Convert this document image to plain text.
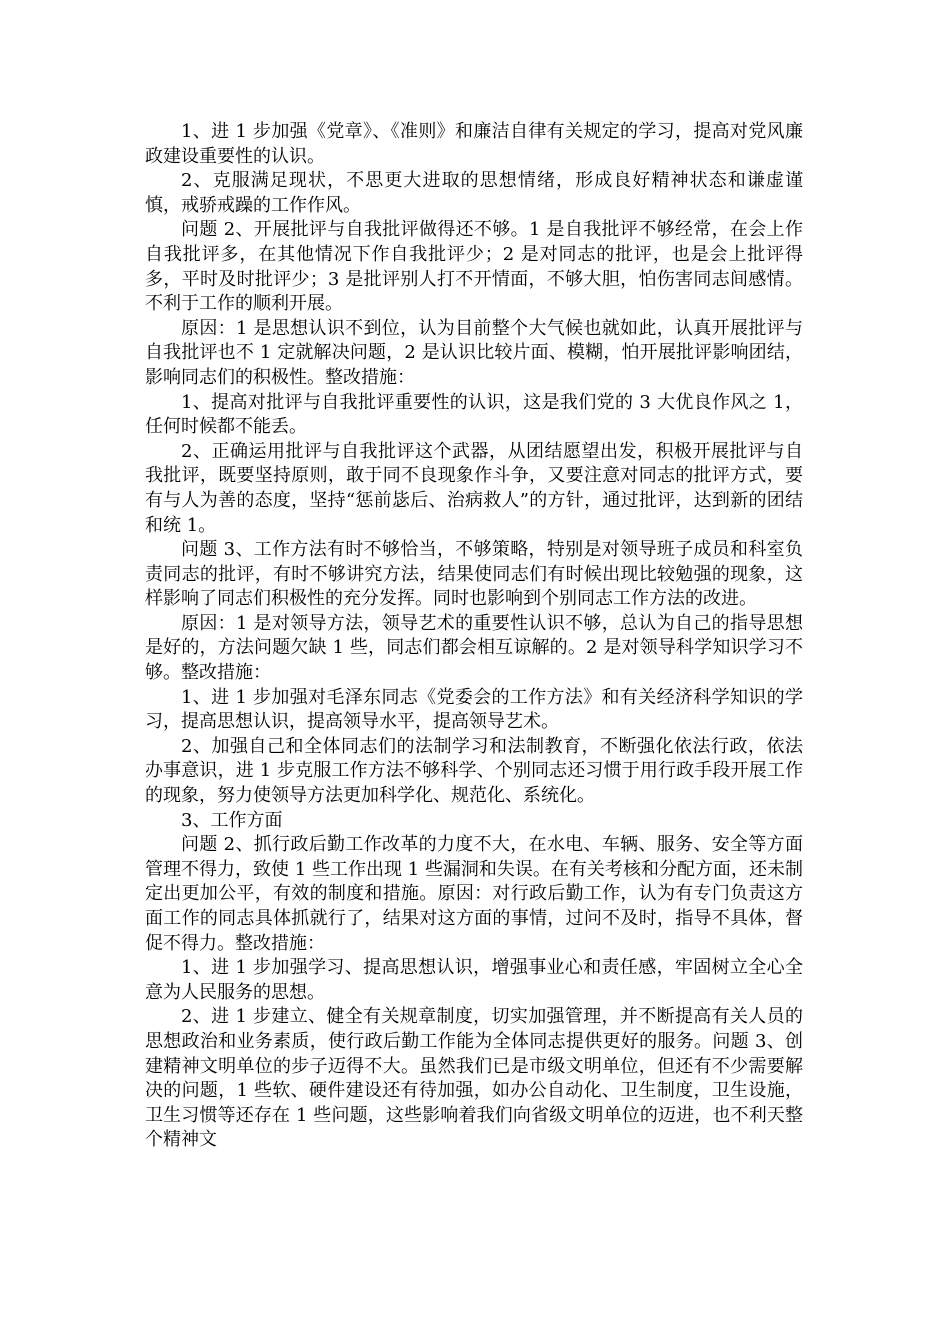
1、进 1 步加强《党章》、《准则》和廉洁自律有关规定的学习，提高对党风廉政建设重要性的认识。

2、克服满足现状，不思更大进取的思想情绪，形成良好精神状态和谦虚谨慎，戒骄戒躁的工作作风。

问题 2、开展批评与自我批评做得还不够。1 是自我批评不够经常，在会上作自我批评多，在其他情况下作自我批评少；2 是对同志的批评，也是会上批评得多，平时及时批评少；3 是批评别人打不开情面，不够大胆，怕伤害同志间感情。不利于工作的顺利开展。

原因：1 是思想认识不到位，认为目前整个大气候也就如此，认真开展批评与自我批评也不 1 定就解决问题，2 是认识比较片面、模糊，怕开展批评影响团结，影响同志们的积极性。整改措施：

1、提高对批评与自我批评重要性的认识，这是我们党的 3 大优良作风之 1，任何时候都不能丢。

2、正确运用批评与自我批评这个武器，从团结愿望出发，积极开展批评与自我批评，既要坚持原则，敢于同不良现象作斗争，又要注意对同志的批评方式，要有与人为善的态度，坚持“惩前毖后、治病救人”的方针，通过批评，达到新的团结和统 1。

问题 3、工作方法有时不够恰当，不够策略，特别是对领导班子成员和科室负责同志的批评，有时不够讲究方法，结果使同志们有时候出现比较勉强的现象，这样影响了同志们积极性的充分发挥。同时也影响到个别同志工作方法的改进。

原因：1 是对领导方法，领导艺术的重要性认识不够，总认为自己的指导思想是好的，方法问题欠缺 1 些，同志们都会相互谅解的。2 是对领导科学知识学习不够。整改措施：

1、进 1 步加强对毛泽东同志《党委会的工作方法》和有关经济科学知识的学习，提高思想认识，提高领导水平，提高领导艺术。

2、加强自己和全体同志们的法制学习和法制教育，不断强化依法行政，依法办事意识，进 1 步克服工作方法不够科学、个别同志还习惯于用行政手段开展工作的现象，努力使领导方法更加科学化、规范化、系统化。

3、工作方面

问题 2、抓行政后勤工作改革的力度不大，在水电、车辆、服务、安全等方面管理不得力，致使 1 些工作出现 1 些漏洞和失误。在有关考核和分配方面，还未制定出更加公平，有效的制度和措施。原因：对行政后勤工作，认为有专门负责这方面工作的同志具体抓就行了，结果对这方面的事情，过问不及时，指导不具体，督促不得力。整改措施：

1、进 1 步加强学习、提高思想认识，增强事业心和责任感，牢固树立全心全意为人民服务的思想。

2、进 1 步建立、健全有关规章制度，切实加强管理，并不断提高有关人员的思想政治和业务素质，使行政后勤工作能为全体同志提供更好的服务。问题 3、创建精神文明单位的步子迈得不大。虽然我们已是市级文明单位，但还有不少需要解决的问题，1 些软、硬件建设还有待加强，如办公自动化、卫生制度，卫生设施，卫生习惯等还存在 1 些问题，这些影响着我们向省级文明单位的迈进，也不利天整个精神文
